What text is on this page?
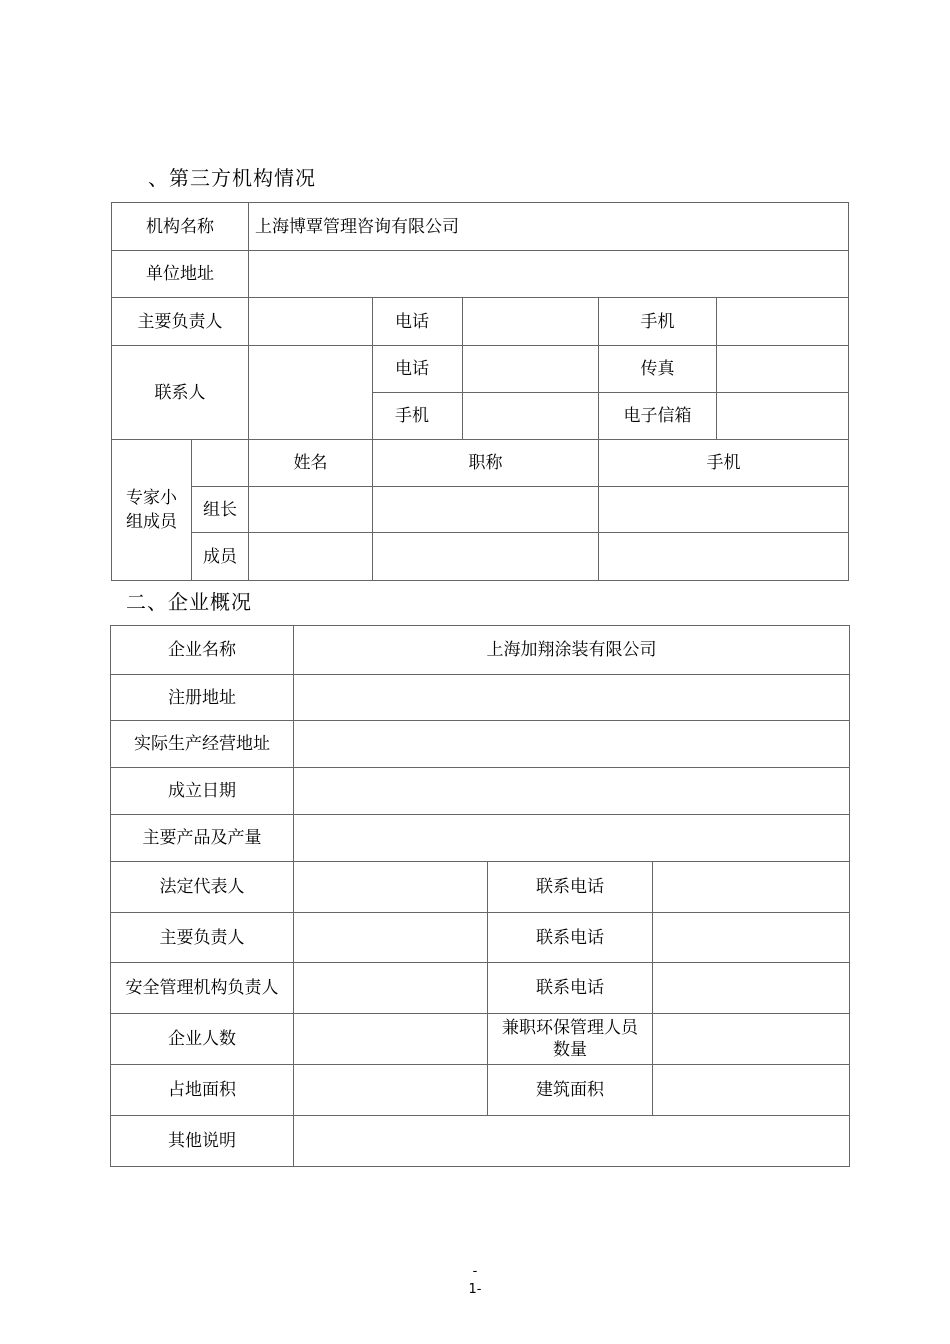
、第三方机构情况
机构名称		上海博覃管理咨询有限公司				
单位地址						
主要负责人			电话		手机	
联系人			电话		传真	
			手机		电子信箱	
专家小组成员		姓名	职称		手机	
	组长					
	成员					
二、企业概况
企业名称	上海加翔涂装有限公司		
注册地址			
实际生产经营地址			
成立日期			
主要产品及产量			
法定代表人		联系电话	
主要负责人		联系电话	
安全管理机构负责人		联系电话	
企业人数		兼职环保管理人员数量	
占地面积		建筑面积	
其他说明			
-
1-
